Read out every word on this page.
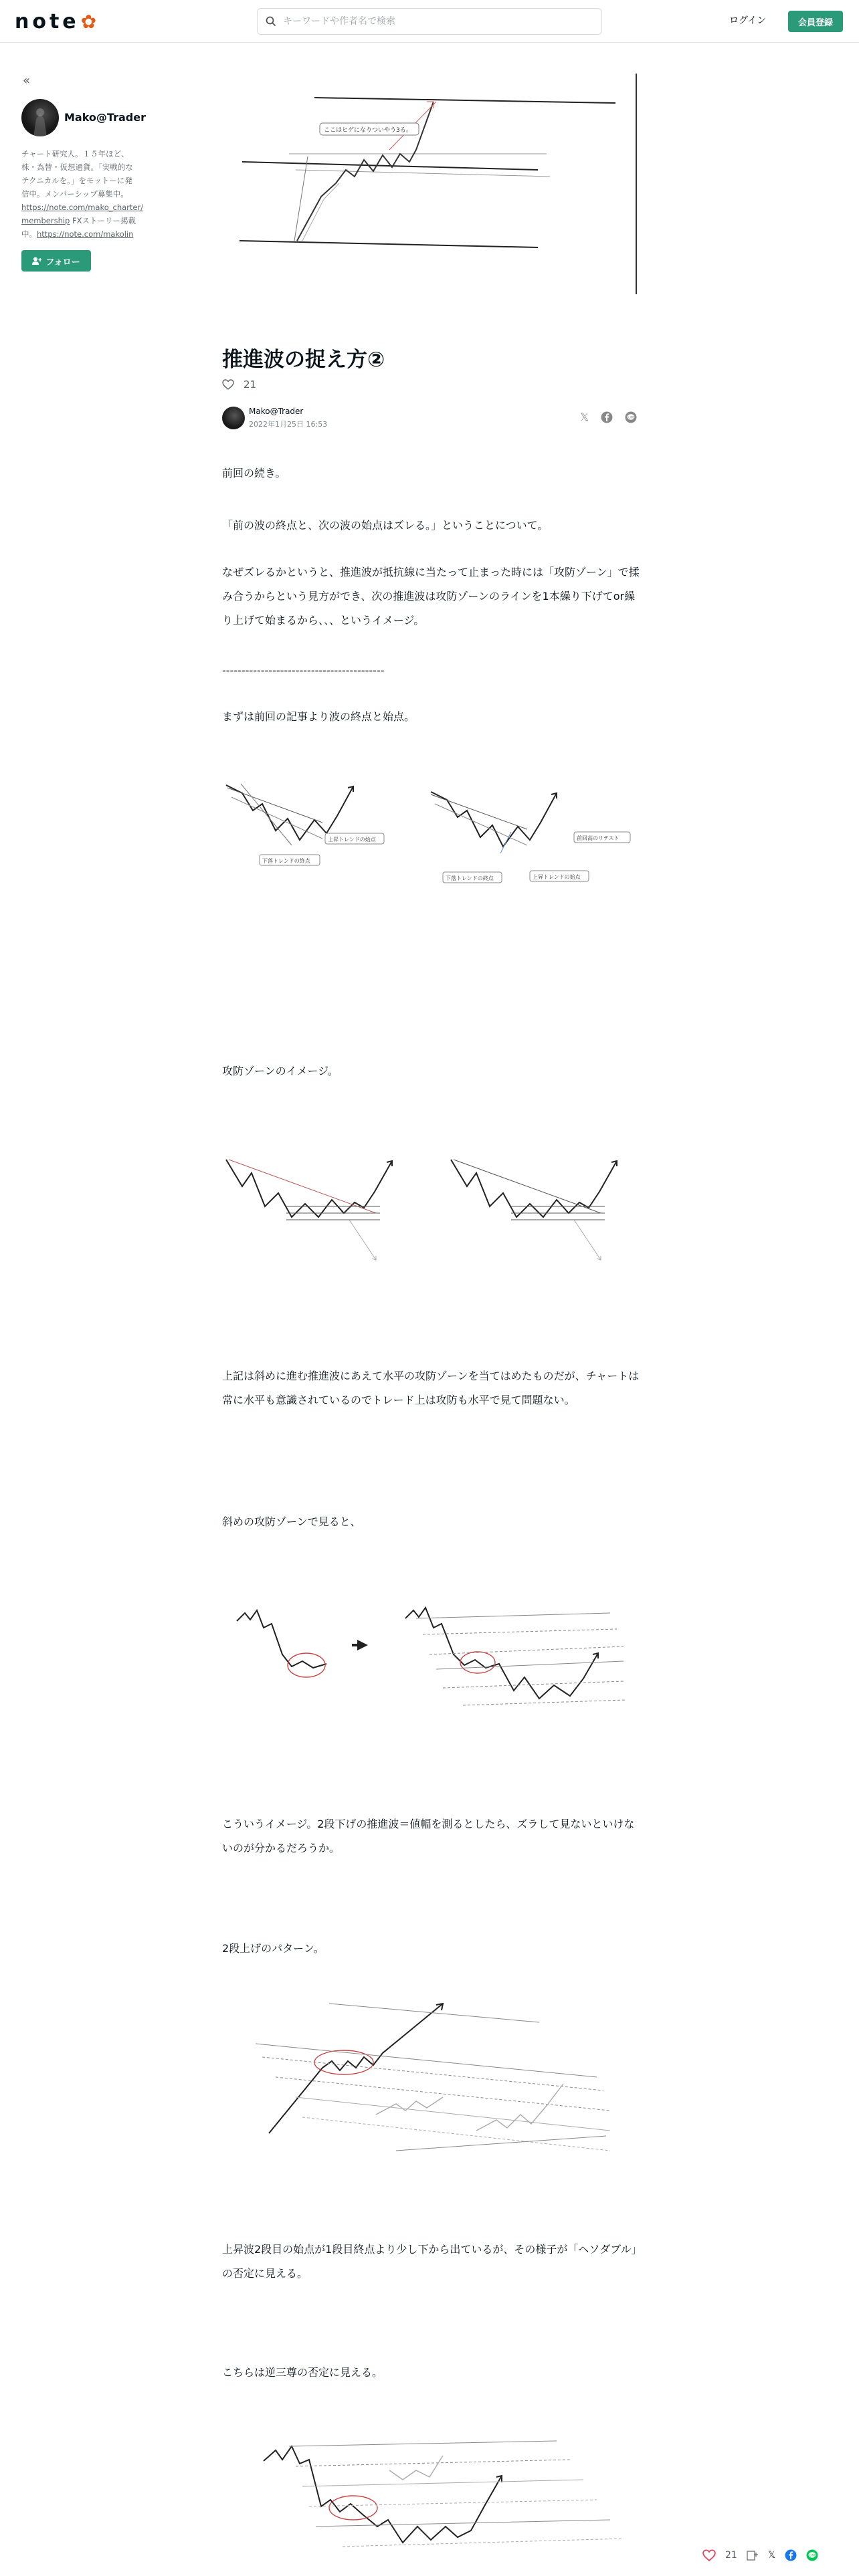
note ✿
キーワードや作者名で検索	ログイン	会員登録
«
Mako@Trader
チャート研究人。１５年ほど、
株・為替・仮想通貨。「実戦的な
テクニカルを。」をモットーに発
信中。メンバーシップ募集中。
https://note.com/mako_charter/
membership FXストーリー掲載
中。https://note.com/makolin
フォロー
ここはヒゲになりついやう3る。
推進波の捉え方②
21
Mako@Trader
2022年1月25日 16:53
𝕏	LINE
前回の続き。
「前の波の終点と、次の波の始点はズレる。」ということについて。
なぜズレるかというと、推進波が抵抗線に当たって止まった時には「攻防ゾーン」で揉み合うからという見方ができ、次の推進波は攻防ゾーンのラインを1本繰り下げてor繰り上げて始まるから、、、というイメージ。
------------------------------------------
まずは前回の記事より波の終点と始点。
上昇トレンドの始点
下落トレンドの終点
前回高のリテスト
下落トレンドの終点	上昇トレンドの始点
攻防ゾーンのイメージ。
上記は斜めに進む推進波にあえて水平の攻防ゾーンを当てはめたものだが、チャートは常に水平も意識されているのでトレード上は攻防も水平で見て問題ない。
斜めの攻防ゾーンで見ると、
こういうイメージ。2段下げの推進波＝値幅を測るとしたら、ズラして見ないといけないのが分かるだろうか。
2段上げのパターン。
上昇波2段目の始点が1段目終点より少し下から出ているが、その様子が「ヘソダブル」の否定に見える。
こちらは逆三尊の否定に見える。
21	𝕏	LINE
